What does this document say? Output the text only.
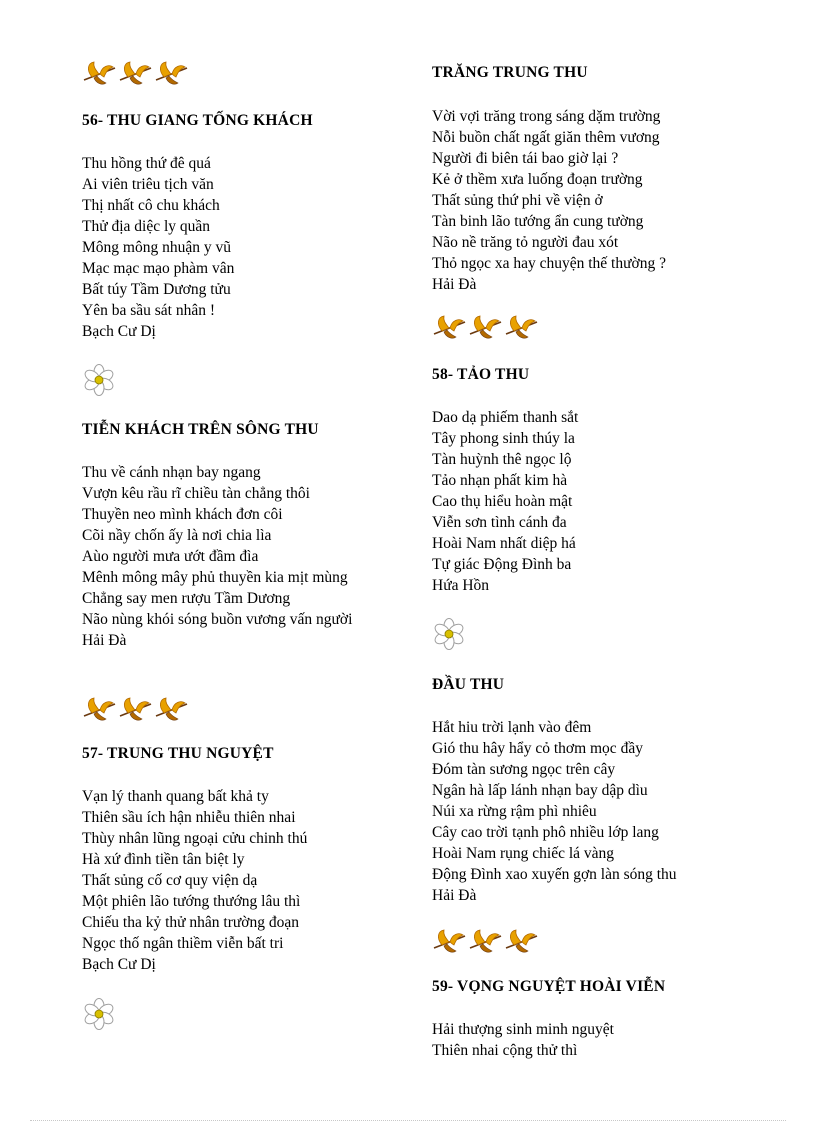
56- THU GIANG TỐNG KHÁCH
Thu hồng thứ đê quá
Ai viên triêu tịch văn
Thị nhất cô chu khách
Thử địa diệc ly quần
Mông mông nhuận y vũ
Mạc mạc mạo phàm vân
Bất túy Tầm Dương tửu
Yên ba sầu sát nhân !
Bạch Cư Dị
TIỄN KHÁCH TRÊN SÔNG THU
Thu về cánh nhạn bay ngang
Vượn kêu rầu rĩ chiều tàn chẳng thôi
Thuyền neo mình khách đơn côi
Cõi nầy chốn ấy là nơi chia lìa
Aùo người mưa ướt đầm đìa
Mênh mông mây phủ thuyền kia mịt mùng
Chẳng say men rượu Tầm Dương
Não nùng khói sóng buồn vương vấn người
Hải Đà
57- TRUNG THU NGUYỆT
Vạn lý thanh quang bất khả ty
Thiên sầu ích hận nhiễu thiên nhai
Thùy nhân lũng ngoại cửu chinh thú
Hà xứ đình tiền tân biệt ly
Thất sủng cố cơ quy viện dạ
Một phiên lão tướng thướng lâu thì
Chiếu tha kỷ thử nhân trường đoạn
Ngọc thố ngân thiềm viễn bất tri
Bạch Cư Dị
TRĂNG TRUNG THU
Vời vợi trăng trong sáng dặm trường
Nỗi buồn chất ngất giăn thêm vương
Người đi biên tái bao giờ lại ?
Kẻ ở thềm xưa luống đoạn trường
Thất sủng thứ phi về viện ở
Tàn binh lão tướng ẩn cung tường
Não nề trăng tỏ người đau xót
Thỏ ngọc xa hay chuyện thế thường ?
Hải Đà
58- TẢO THU
Dao dạ phiếm thanh sắt
Tây phong sinh thúy la
Tàn huỳnh thê ngọc lộ
Tảo nhạn phất kim hà
Cao thụ hiểu hoàn mật
Viễn sơn tình cánh đa
Hoài Nam nhất diệp há
Tự giác Động Đình ba
Hứa Hồn
ĐẦU THU
Hắt hiu trời lạnh vào đêm
Gió thu hây hẩy cỏ thơm mọc đầy
Đóm tàn sương ngọc trên cây
Ngân hà lấp lánh nhạn bay dập dìu
Núi xa rừng rậm phì nhiêu
Cây cao trời tạnh phô nhiều lớp lang
Hoài Nam rụng chiếc lá vàng
Động Đình xao xuyến gợn làn sóng thu
Hải Đà
59- VỌNG NGUYỆT HOÀI VIỄN
Hải thượng sinh minh nguyệt
Thiên nhai cộng thử thì
